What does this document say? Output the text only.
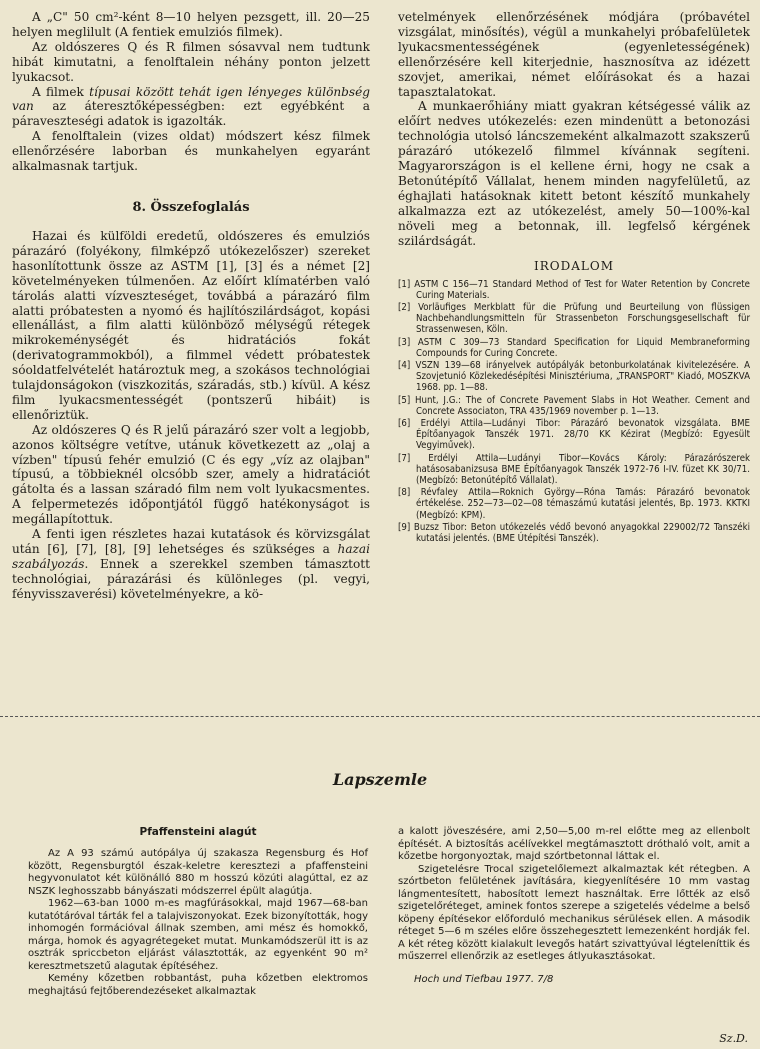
A „C" 50 cm²-ként 8—10 helyen pezsgett, ill. 20—25 helyen meglilult (A fentiek emulziós filmek).

Az oldószeres Q és R filmen sósavval nem tudtunk hibát kimutatni, a fenolftalein néhány ponton jelzett lyukacsot.

A filmek típusai között tehát igen lényeges különbség van az áteresztőképességben: ezt egyébként a páraveszteségi adatok is igazolták.

A fenolftalein (vizes oldat) módszert kész filmek ellenőrzésére laborban és munkahelyen egyaránt alkalmasnak tartjuk.

8. Összefoglalás

Hazai és külföldi eredetű, oldószeres és emulziós párazáró (folyékony, filmképző utókezelőszer) szereket hasonlítottunk össze az ASTM [1], [3] és a német [2] követelményeken túlmenően. Az előírt klímatérben való tárolás alatti vízveszteséget, továbbá a párazáró film alatti próbatesten a nyomó és hajlítószilárdságot, kopási ellenállást, a film alatti különböző mélységű rétegek mikrokeménységét és hidratációs fokát (derivatogrammokból), a filmmel védett próbatestek sóoldatfelvételét határoztuk meg, a szokásos technológiai tulajdonságokon (viszkozitás, száradás, stb.) kívül. A kész film lyukacsmentességét (pontszerű hibáit) is ellenőriztük.

Az oldószeres Q és R jelű párazáró szer volt a legjobb, azonos költségre vetítve, utánuk következett az „olaj a vízben" típusú fehér emulzió (C és egy „víz az olajban" típusú, a többieknél olcsóbb szer, amely a hidratációt gátolta és a lassan száradó film nem volt lyukacsmentes. A felpermetezés időpontjától függő hatékonyságot is megállapítottuk.

A fenti igen részletes hazai kutatások és körvizsgálat után [6], [7], [8], [9] lehetséges és szükséges a hazai szabályozás. Ennek a szerekkel szemben támasztott technológiai, párazárási és különleges (pl. vegyi, fényvisszaverési) követelményekre, a kö-

vetelmények ellenőrzésének módjára (próbavétel vizsgálat, minősítés), végül a munkahelyi próbafelületek lyukacsmentességének (egyenletességének) ellenőrzésére kell kiterjednie, hasznosítva az idézett szovjet, amerikai, német előírásokat és a hazai tapasztalatokat.

A munkaerőhiány miatt gyakran kétségessé válik az előírt nedves utókezelés: ezen mindenütt a betonozási technológia utolsó láncszemeként alkalmazott szakszerű párazáró utókezelő filmmel kívánnak segíteni. Magyarországon is el kellene érni, hogy ne csak a Betonútépítő Vállalat, henem minden nagyfelületű, az éghajlati hatásoknak kitett betont készítő munkahely alkalmazza ezt az utókezelést, amely 50—100%-kal növeli meg a betonnak, ill. legfelső kérgének szilárdságát.

IRODALOM
[1] ASTM C 156—71 Standard Method of Test for Water Retention by Concrete Curing Materials.
[2] Vorläufiges Merkblatt für die Prüfung und Beurteilung von flüssigen Nachbehandlungsmitteln für Strassenbeton Forschungsgesellschaft für Strassenwesen, Köln.
[3] ASTM C 309—73 Standard Specification for Liquid Membraneforming Compounds for Curing Concrete.
[4] VSZN 139—68 irányelvek autópályák betonburkolatának kivitelezésére. A Szovjetunió Közlekedésépítési Minisztériuma, „TRANSPORT" Kiadó, MOSZKVA 1968. pp. 1—88.
[5] Hunt, J.G.: The of Concrete Pavement Slabs in Hot Weather. Cement and Concrete Associaton, TRA 435/1969 november p. 1—13.
[6] Erdélyi Attila—Ludányi Tibor: Párazáró bevonatok vizsgálata. BME Építőanyagok Tanszék 1971. 28/70 KK Kézirat (Megbízó: Egyesült Vegyiművek).
[7] Erdélyi Attila—Ludányi Tibor—Kovács Károly: Párazárószerek hatásosabanizsusa BME Építőanyagok Tanszék 1972-76 I-IV. füzet KK 30/71. (Megbízó: Betonútépítő Vállalat).
[8] Révfaley Attila—Roknich György—Róna Tamás: Párazáró bevonatok értékelése. 252—73—02—08 témaszámú kutatási jelentés, Bp. 1973. KKTKI (Megbízó: KPM).
[9] Buzsz Tibor: Beton utókezelés védő bevonó anyagokkal 229002/72 Tanszéki kutatási jelentés. (BME Útépítési Tanszék).
Lapszemle
Pfaffensteini alagút

Az A 93 számú autópálya új szakasza Regensburg és Hof között, Regensburgtól észak-keletre keresztezi a pfaffensteini hegyvonulatot két különálló 880 m hosszú közúti alagúttal, ez az NSZK leghosszabb bányászati módszerrel épült alagútja.

1962—63-ban 1000 m-es magfúrásokkal, majd 1967—68-ban kutatótáróval tárták fel a talajviszonyokat. Ezek bizonyították, hogy inhomogén formációval állnak szemben, ami mész és homokkő, márga, homok és agyagrétegeket mutat. Munkamódszerül itt is az osztrák spriccbeton eljárást választották, az egyenként 90 m² keresztmetszetű alagutak építéséhez.

Kemény kőzetben robbantást, puha kőzetben elektromos meghajtású fejtőberendezéseket alkalmaztak

a kalott jöveszésére, ami 2,50—5,00 m-rel előtte meg az ellenbolt építését. A biztosítás acélívekkel megtámasztott dróthaló volt, amit a kőzetbe horgonyoztak, majd szórtbetonnal láttak el.

Szigetelésre Trocal szigetelőlemezt alkalmaztak két rétegben. A szórtbeton felületének javítására, kiegyenlítésére 10 mm vastag lángmentesített, habosított lemezt használtak. Erre lőtték az első szigetelőréteget, aminek fontos szerepe a szigetelés védelme a belső köpeny építésekor előforduló mechanikus sérülések ellen. A második réteget 5—6 m széles előre összehegesztett lemezenként hordják fel. A két réteg között kialakult levegős határt szivattyúval légteleníttik és műszerrel ellenőrzik az esetleges átlyukasztásokat.

Hoch und Tiefbau 1977. 7/8

Sz.D.
